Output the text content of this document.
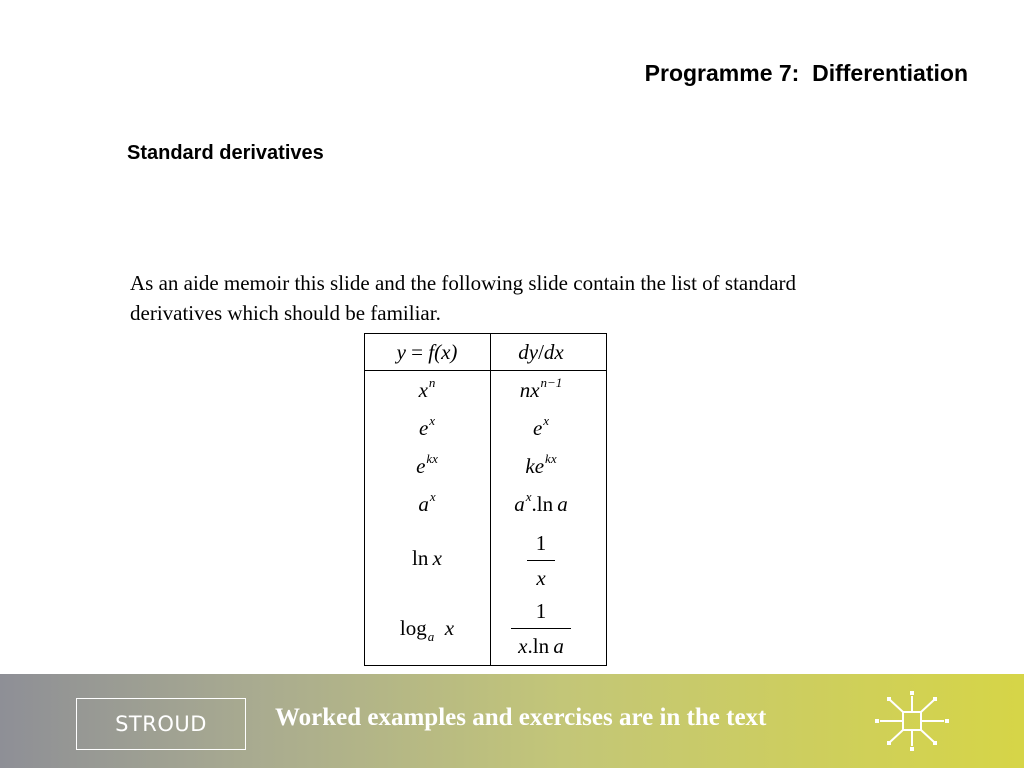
Programme 7:  Differentiation
Standard derivatives
As an aide memoir this slide and the following slide contain the list of standard derivatives which should be familiar.
y = f(x)	dy/dx
$x^n$	$nx^{n-1}$
$e^x$	$e^x$
$e^{kx}$	$ke^{kx}$
$a^x$	$a^x.\ln$  a
ln  x	$\frac{1}{x}$
$\log_a$  x	$\frac{1}{\text{x.ln  a}}$
STROUD	Worked examples and exercises are in the text
